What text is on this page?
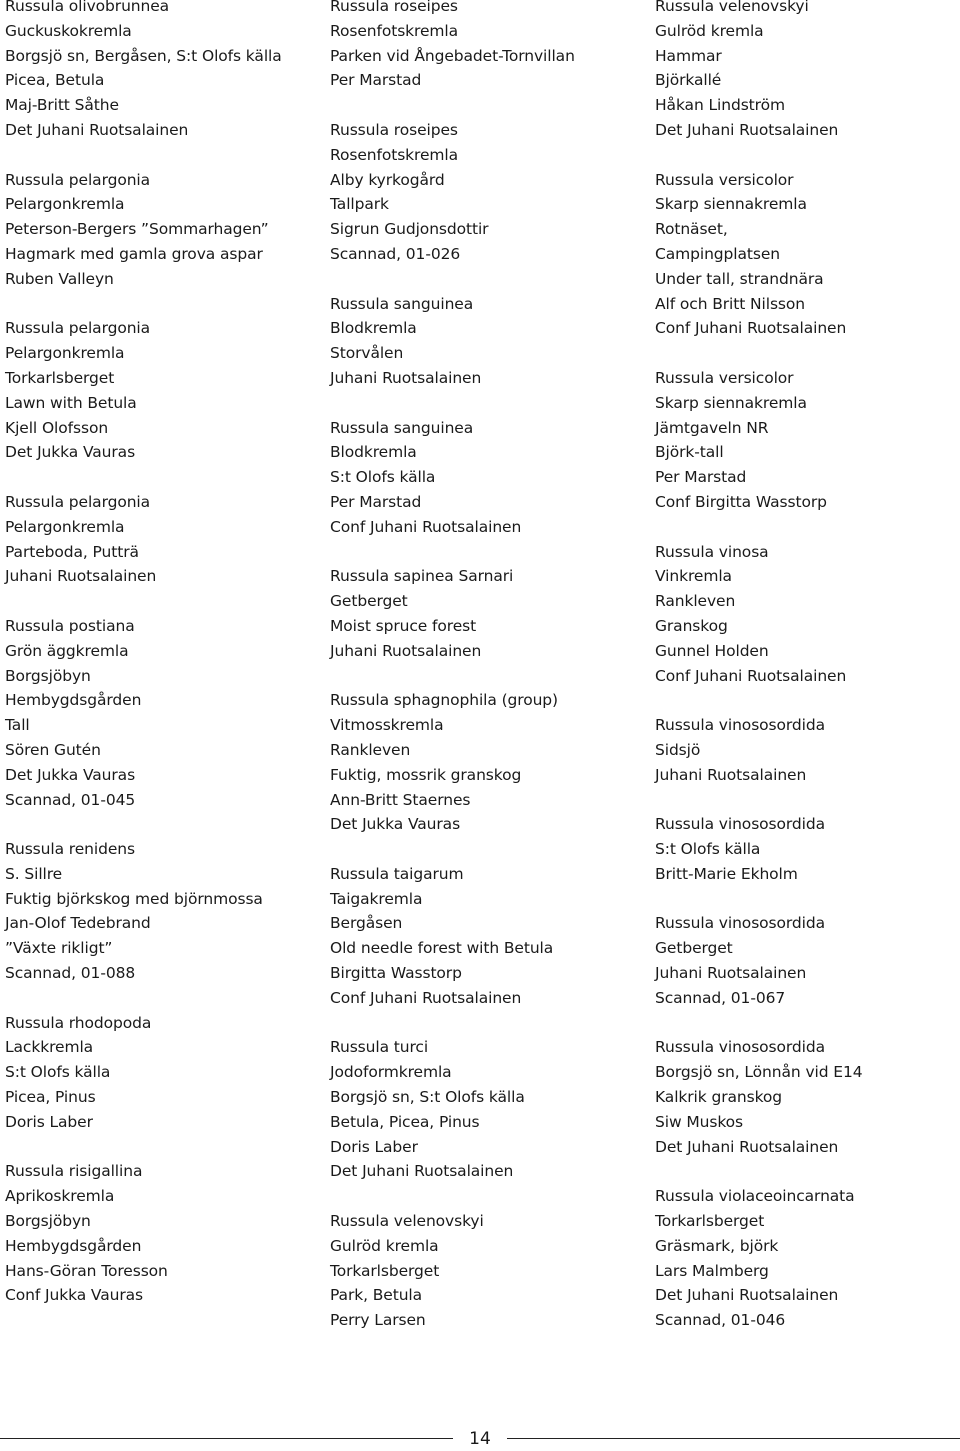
Russula olivobrunnea
Guckuskokremla
Borgsjö sn, Bergåsen, S:t Olofs källa
Picea, Betula
Maj-Britt Såthe
Det Juhani Ruotsalainen
Russula pelargonia
Pelargonkremla
Peterson-Bergers ”Sommarhagen”
Hagmark med gamla grova aspar
Ruben Valleyn
Russula pelargonia
Pelargonkremla
Torkarlsberget
Lawn with Betula
Kjell Olofsson
Det Jukka Vauras
Russula pelargonia
Pelargonkremla
Parteboda, Putträ
Juhani Ruotsalainen
Russula postiana
Grön äggkremla
Borgsjöbyn
Hembygdsgården
Tall
Sören Gutén
Det Jukka Vauras
Scannad, 01-045
Russula renidens
S. Sillre
Fuktig björkskog med björnmossa
Jan-Olof Tedebrand
”Växte rikligt”
Scannad, 01-088
Russula rhodopoda
Lackkremla
S:t Olofs källa
Picea, Pinus
Doris Laber
Russula risigallina
Aprikoskremla
Borgsjöbyn
Hembygdsgården
Hans-Göran Toresson
Conf Jukka Vauras
Russula roseipes
Rosenfotskremla
Parken vid Ångebadet-Tornvillan
Per Marstad
Russula roseipes
Rosenfotskremla
Alby kyrkogård
Tallpark
Sigrun Gudjonsdottir
Scannad, 01-026
Russula sanguinea
Blodkremla
Storvålen
Juhani Ruotsalainen
Russula sanguinea
Blodkremla
S:t Olofs källa
Per Marstad
Conf Juhani Ruotsalainen
Russula sapinea Sarnari
Getberget
Moist spruce forest
Juhani Ruotsalainen
Russula sphagnophila (group)
Vitmosskremla
Rankleven
Fuktig, mossrik granskog
Ann-Britt Staernes
Det Jukka Vauras
Russula taigarum
Taigakremla
Bergåsen
Old needle forest with Betula
Birgitta Wasstorp
Conf Juhani Ruotsalainen
Russula turci
Jodoformkremla
Borgsjö sn, S:t Olofs källa
Betula, Picea, Pinus
Doris Laber
Det Juhani Ruotsalainen
Russula velenovskyi
Gulröd kremla
Torkarlsberget
Park, Betula
Perry Larsen
Russula velenovskyi
Gulröd kremla
Hammar
Björkallé
Håkan Lindström
Det Juhani Ruotsalainen
Russula versicolor
Skarp siennakremla
Rotnäset,
Campingplatsen
Under tall, strandnära
Alf och Britt Nilsson
Conf Juhani Ruotsalainen
Russula versicolor
Skarp siennakremla
Jämtgaveln NR
Björk-tall
Per Marstad
Conf Birgitta Wasstorp
Russula vinosa
Vinkremla
Rankleven
Granskog
Gunnel Holden
Conf Juhani Ruotsalainen
Russula vinososordida
Sidsjö
Juhani Ruotsalainen
Russula vinososordida
S:t Olofs källa
Britt-Marie Ekholm
Russula vinososordida
Getberget
Juhani Ruotsalainen
Scannad, 01-067
Russula vinososordida
Borgsjö sn, Lönnån vid E14
Kalkrik granskog
Siw Muskos
Det Juhani Ruotsalainen
Russula violaceoincarnata
Torkarlsberget
Gräsmark, björk
Lars Malmberg
Det Juhani Ruotsalainen
Scannad, 01-046
14
